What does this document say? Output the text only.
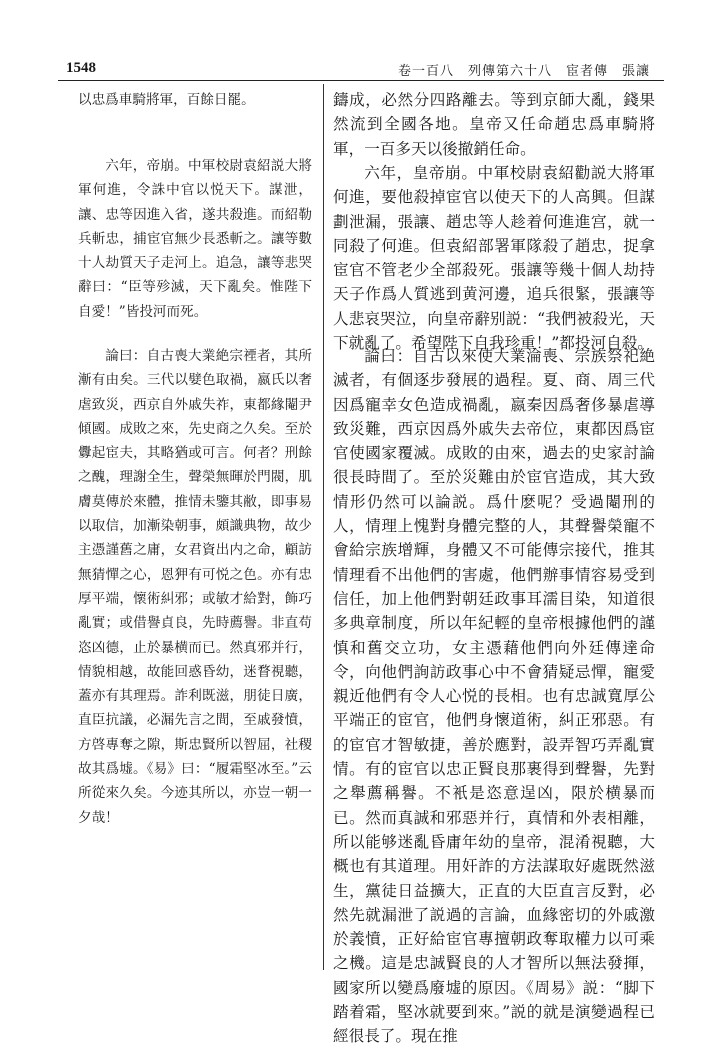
1548	卷一百八　列傳第六十八　宦者傳　張讓

以忠爲車騎將軍，百餘日罷。

六年，帝崩。中軍校尉袁紹説大將軍何進，令誅中官以悦天下。謀泄，讓、忠等因進入省，遂共殺進。而紹勒兵斬忠，捕宦官無少長悉斬之。讓等數十人劫質天子走河上。追急，讓等悲哭辭曰：“臣等殄滅，天下亂矣。惟陛下自愛！”皆投河而死。

論曰：自古喪大業絶宗禋者，其所漸有由矣。三代以嬖色取禍，嬴氏以奢虐致災，西京自外戚失祚，東都緣閹尹傾國。成敗之來，先史商之久矣。至於釁起宦夫，其略猶或可言。何者？刑餘之醜，理謝全生，聲榮無暉於門閥，肌膚莫傳於來體，推情未鑒其敝，即事易以取信，加漸染朝事，頗識典物，故少主憑謹舊之庸，女君資出内之命，顧訪無猜憚之心，恩狎有可悦之色。亦有忠厚平端，懷術糾邪；或敏才給對，飾巧亂實；或借譽貞良，先時薦譽。非直苟恣凶德，止於暴横而已。然真邪并行，情貌相越，故能回惑昏幼，迷瞀視聽，蓋亦有其理焉。詐利既滋，朋徒日廣，直臣抗議，必漏先言之間，至戚發憤，方啓專奪之隙，斯忠賢所以智屈，社稷故其爲墟。《易》曰：“履霜堅冰至。”云所從來久矣。今迹其所以，亦豈一朝一夕哉！

鑄成，必然分四路離去。等到京師大亂，錢果然流到全國各地。皇帝又任命趙忠爲車騎將軍，一百多天以後撤銷任命。

六年，皇帝崩。中軍校尉袁紹勸説大將軍何進，要他殺掉宦官以使天下的人高興。但謀劃泄漏，張讓、趙忠等人趁着何進進宫，就一同殺了何進。但袁紹部署軍隊殺了趙忠，捉拿宦官不管老少全部殺死。張讓等幾十個人劫持天子作爲人質逃到黄河邊，追兵很緊，張讓等人悲哀哭泣，向皇帝辭别説：“我們被殺光，天下就亂了。希望陛下自我珍重！”都投河自殺。

論曰：自古以來使大業淪喪、宗族祭祀絶滅者，有個逐步發展的過程。夏、商、周三代因爲寵幸女色造成禍亂，嬴秦因爲奢侈暴虐導致災難，西京因爲外戚失去帝位，東都因爲宦官使國家覆滅。成敗的由來，過去的史家討論很長時間了。至於災難由於宦官造成，其大致情形仍然可以論説。爲什麽呢？受過閹刑的人，情理上愧對身體完整的人，其聲譽榮寵不會給宗族增輝，身體又不可能傳宗接代，推其情理看不出他們的害處，他們辦事情容易受到信任，加上他們對朝廷政事耳濡目染，知道很多典章制度，所以年紀輕的皇帝根據他們的謹慎和舊交立功，女主憑藉他們向外廷傳達命令，向他們詢訪政事心中不會猜疑忌憚，寵愛親近他們有令人心悦的長相。也有忠誠寬厚公平端正的宦官，他們身懷道術，糾正邪惡。有的宦官才智敏捷，善於應對，設弄智巧弄亂實情。有的宦官以忠正賢良那裹得到聲譽，先對之舉薦稱譽。不衹是恣意逞凶，限於横暴而已。然而真誠和邪惡并行，真情和外表相離，所以能够迷亂昏庸年幼的皇帝，混淆視聽，大概也有其道理。用奸詐的方法謀取好處既然滋生，黨徒日益擴大，正直的大臣直言反對，必然先就漏泄了説過的言論，血緣密切的外戚激於義憤，正好給宦官專擅朝政奪取權力以可乘之機。這是忠誠賢良的人才智所以無法發揮，國家所以變爲廢墟的原因。《周易》説：“脚下踏着霜，堅冰就要到來。”説的就是演變過程已經很長了。現在推
